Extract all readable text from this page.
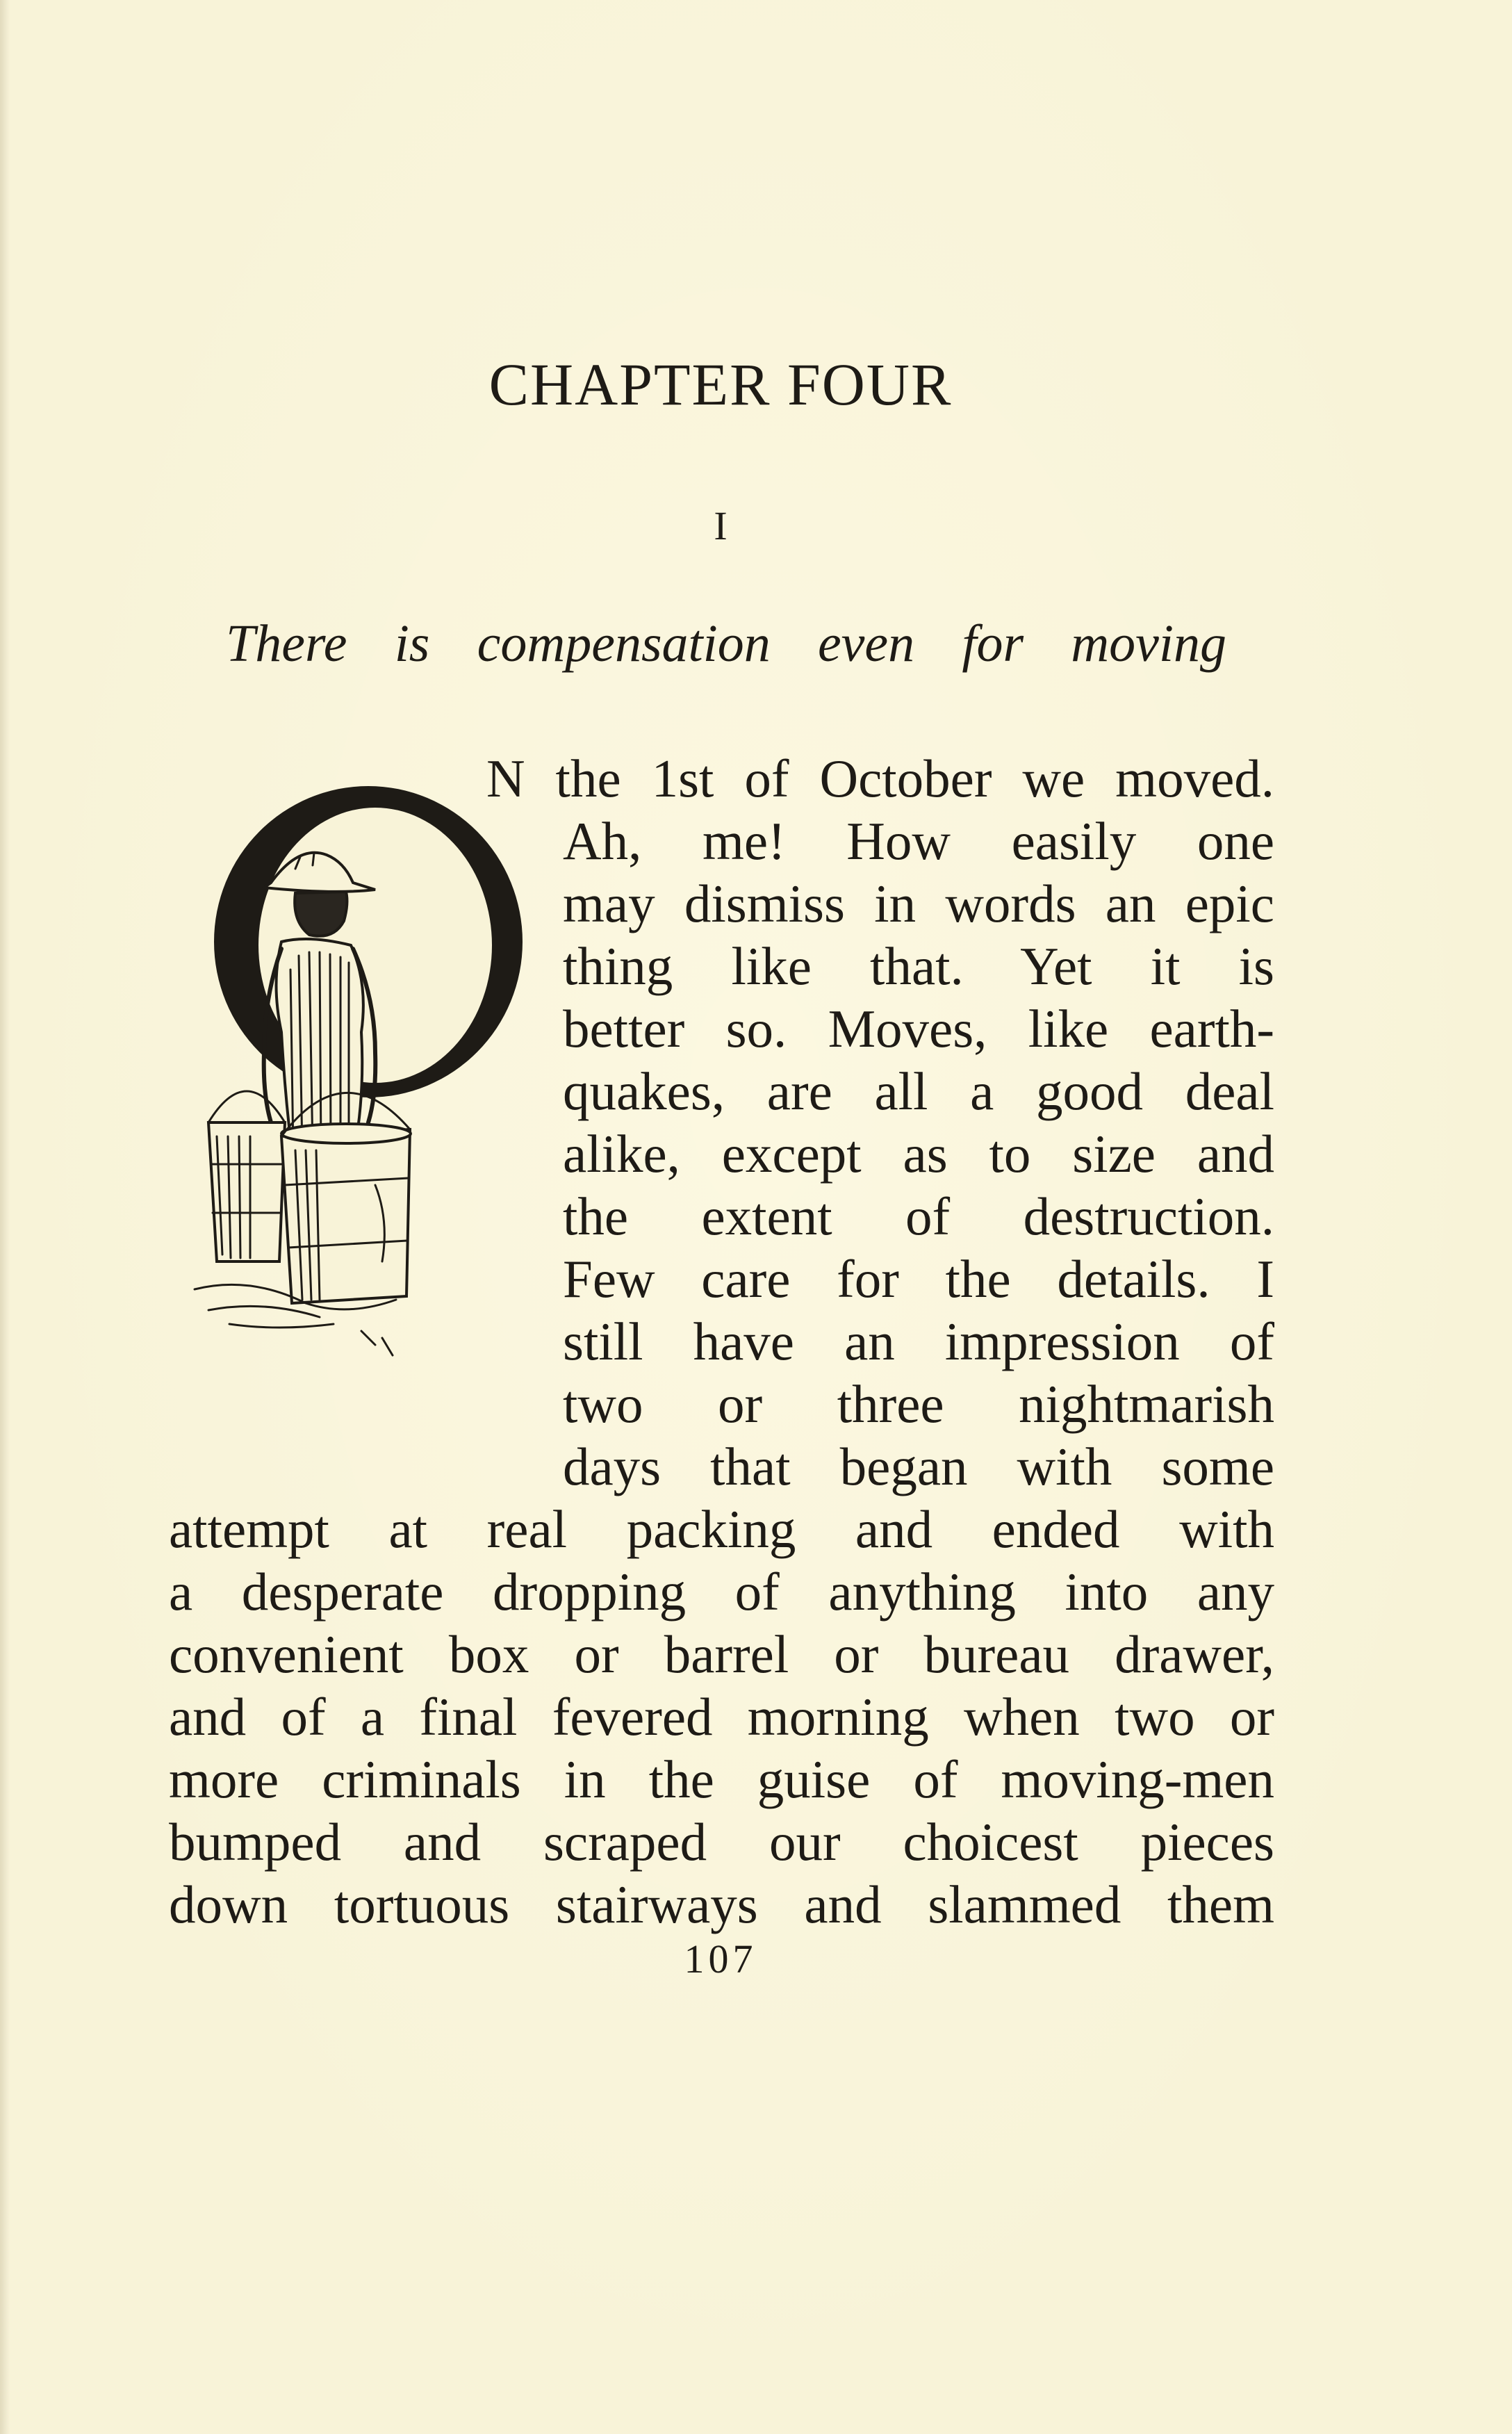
CHAPTER FOUR
I
There is compensation even for moving
O
N the 1st of October we moved.
Ah, me! How easily one
may dismiss in words an epic
thing like that. Yet it is
better so. Moves, like earth-
quakes, are all a good deal
alike, except as to size and
the extent of destruction.
Few care for the details. I
still have an impression of
two or three nightmarish
days that began with some
attempt at real packing and ended with
a desperate dropping of anything into any
convenient box or barrel or bureau drawer,
and of a final fevered morning when two or
more criminals in the guise of moving-men
bumped and scraped our choicest pieces
down tortuous stairways and slammed them
107
